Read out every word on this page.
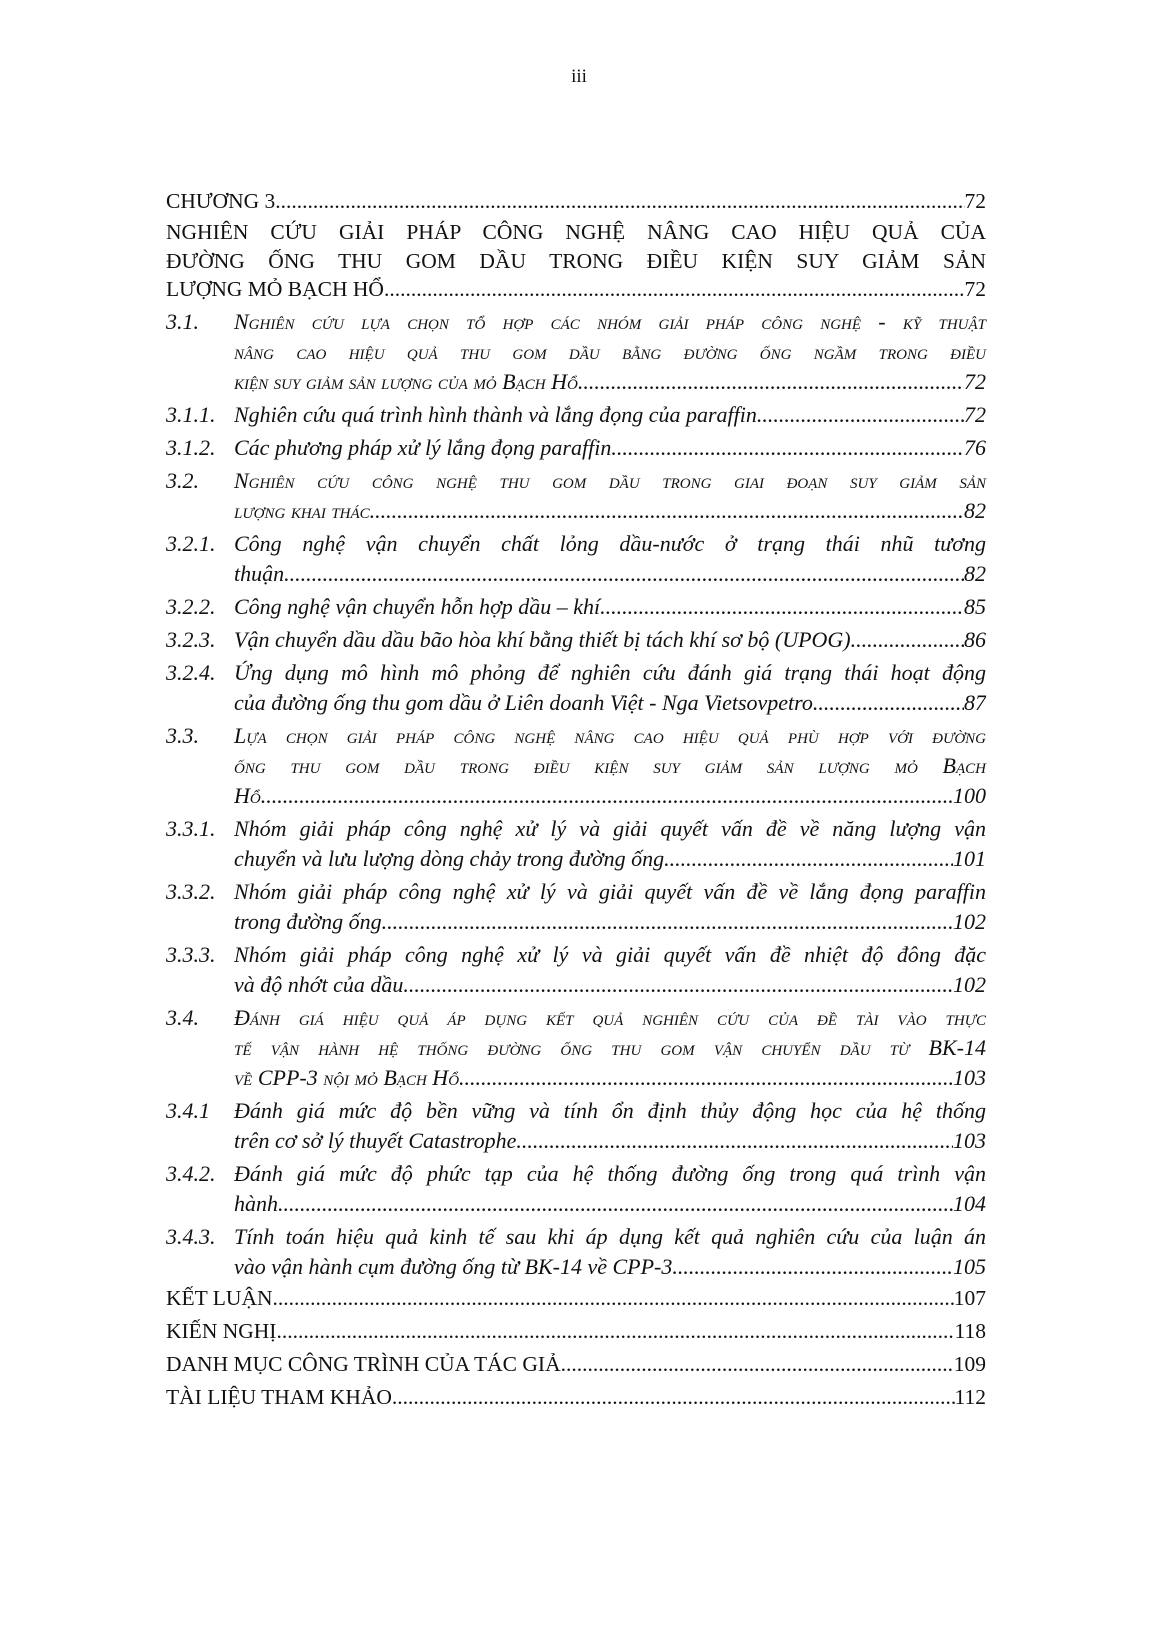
iii
CHƯƠNG 3 .....	72
NGHIÊN CỨU GIẢI PHÁP CÔNG NGHỆ NÂNG CAO HIỆU QUẢ CỦA
ĐƯỜNG ỐNG THU GOM DẦU TRONG ĐIỀU KIỆN SUY GIẢM SẢN
LƯỢNG MỎ BẠCH HỔ .....	72
3.1.	Nghiên cứu lựa chọn tổ hợp các nhóm giải pháp công nghệ - kỹ thuật
nâng cao hiệu quả thu gom dầu bằng đường ống ngầm trong điều
kiện suy giảm sản lượng của mỏ Bạch Hổ .....	72
3.1.1. Nghiên cứu quá trình hình thành và lắng đọng của paraffin .....	72
3.1.2. Các phương pháp xử lý lắng đọng paraffin .....	76
3.2.	Nghiên cứu công nghệ thu gom dầu trong giai đoạn suy giảm sản
lượng khai thác .....	82
3.2.1. Công nghệ vận chuyển chất lỏng dầu-nước ở trạng thái nhũ tương
thuận .....	82
3.2.2. Công nghệ vận chuyển hỗn hợp dầu – khí .....	85
3.2.3. Vận chuyển dầu dầu bão hòa khí bằng thiết bị tách khí sơ bộ (UPOG) .....	86
3.2.4. Ứng dụng mô hình mô phỏng để nghiên cứu đánh giá trạng thái hoạt động
của đường ống thu gom dầu ở Liên doanh Việt - Nga Vietsovpetro .....	87
3.3.	Lựa chọn giải pháp công nghệ nâng cao hiệu quả phù hợp với đường
ống thu gom dầu trong điều kiện suy giảm sản lượng mỏ Bạch
Hổ .....	100
3.3.1. Nhóm giải pháp công nghệ xử lý và giải quyết vấn đề về năng lượng vận
chuyển và lưu lượng dòng chảy trong đường ống .....	101
3.3.2. Nhóm giải pháp công nghệ xử lý và giải quyết vấn đề về lắng đọng paraffin
trong đường ống .....	102
3.3.3. Nhóm giải pháp công nghệ xử lý và giải quyết vấn đề nhiệt độ đông đặc
và độ nhớt của dầu .....	102
3.4.	Đánh giá hiệu quả áp dụng kết quả nghiên cứu của đề tài vào thực
tế vận hành hệ thống đường ống thu gom vận chuyển dầu từ BK-14
về CPP-3 nội mỏ Bạch Hổ .....	103
3.4.1	Đánh giá mức độ bền vững và tính ổn định thủy động học của hệ thống
trên cơ sở lý thuyết Catastrophe .....	103
3.4.2. Đánh giá mức độ phức tạp của hệ thống đường ống trong quá trình vận
hành .....	104
3.4.3. Tính toán hiệu quả kinh tế sau khi áp dụng kết quả nghiên cứu của luận án
vào vận hành cụm đường ống từ BK-14 về CPP-3 .....	105
KẾT LUẬN .....	107
KIẾN NGHỊ .....	118
DANH MỤC CÔNG TRÌNH CỦA TÁC GIẢ .....	109
TÀI LIỆU THAM KHẢO .....	112
